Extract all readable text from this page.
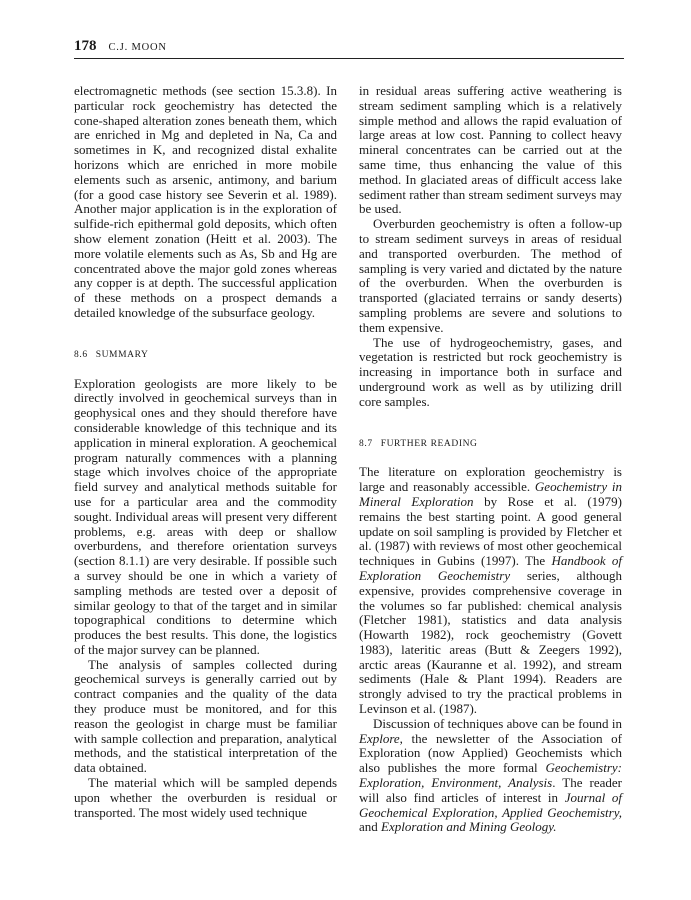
178 C.J. MOON

electromagnetic methods (see section 15.3.8). In particular rock geochemistry has detected the cone-shaped alteration zones beneath them, which are enriched in Mg and depleted in Na, Ca and sometimes in K, and recognized distal exhalite horizons which are enriched in more mobile elements such as arsenic, antimony, and barium (for a good case history see Severin et al. 1989). Another major application is in the exploration of sulfide-rich epithermal gold deposits, which often show element zonation (Heitt et al. 2003). The more volatile elements such as As, Sb and Hg are concentrated above the major gold zones whereas any copper is at depth. The successful application of these methods on a prospect demands a detailed knowledge of the subsurface geology.

8.6 SUMMARY

Exploration geologists are more likely to be directly involved in geochemical surveys than in geophysical ones and they should therefore have considerable knowledge of this technique and its application in mineral exploration. A geochemical program naturally commences with a planning stage which involves choice of the appropriate field survey and analytical methods suitable for use for a particular area and the commodity sought. Individual areas will present very different problems, e.g. areas with deep or shallow overburdens, and therefore orientation surveys (section 8.1.1) are very desirable. If possible such a survey should be one in which a variety of sampling methods are tested over a deposit of similar geology to that of the target and in similar topographical conditions to determine which produces the best results. This done, the logistics of the major survey can be planned.

The analysis of samples collected during geochemical surveys is generally carried out by contract companies and the quality of the data they produce must be monitored, and for this reason the geologist in charge must be familiar with sample collection and preparation, analytical methods, and the statistical interpretation of the data obtained.

The material which will be sampled depends upon whether the overburden is residual or transported. The most widely used technique

in residual areas suffering active weathering is stream sediment sampling which is a relatively simple method and allows the rapid evaluation of large areas at low cost. Panning to collect heavy mineral concentrates can be carried out at the same time, thus enhancing the value of this method. In glaciated areas of difficult access lake sediment rather than stream sediment surveys may be used.

Overburden geochemistry is often a follow-up to stream sediment surveys in areas of residual and transported overburden. The method of sampling is very varied and dictated by the nature of the overburden. When the overburden is transported (glaciated terrains or sandy deserts) sampling problems are severe and solutions to them expensive.

The use of hydrogeochemistry, gases, and vegetation is restricted but rock geochemistry is increasing in importance both in surface and underground work as well as by utilizing drill core samples.

8.7 FURTHER READING

The literature on exploration geochemistry is large and reasonably accessible. Geochemistry in Mineral Exploration by Rose et al. (1979) remains the best starting point. A good general update on soil sampling is provided by Fletcher et al. (1987) with reviews of most other geochemical techniques in Gubins (1997). The Handbook of Exploration Geochemistry series, although expensive, provides comprehensive coverage in the volumes so far published: chemical analysis (Fletcher 1981), statistics and data analysis (Howarth 1982), rock geochemistry (Govett 1983), lateritic areas (Butt & Zeegers 1992), arctic areas (Kauranne et al. 1992), and stream sediments (Hale & Plant 1994). Readers are strongly advised to try the practical problems in Levinson et al. (1987).

Discussion of techniques above can be found in Explore, the newsletter of the Association of Exploration (now Applied) Geochemists which also publishes the more formal Geochemistry: Exploration, Environment, Analysis. The reader will also find articles of interest in Journal of Geochemical Exploration, Applied Geochemistry, and Exploration and Mining Geology.
